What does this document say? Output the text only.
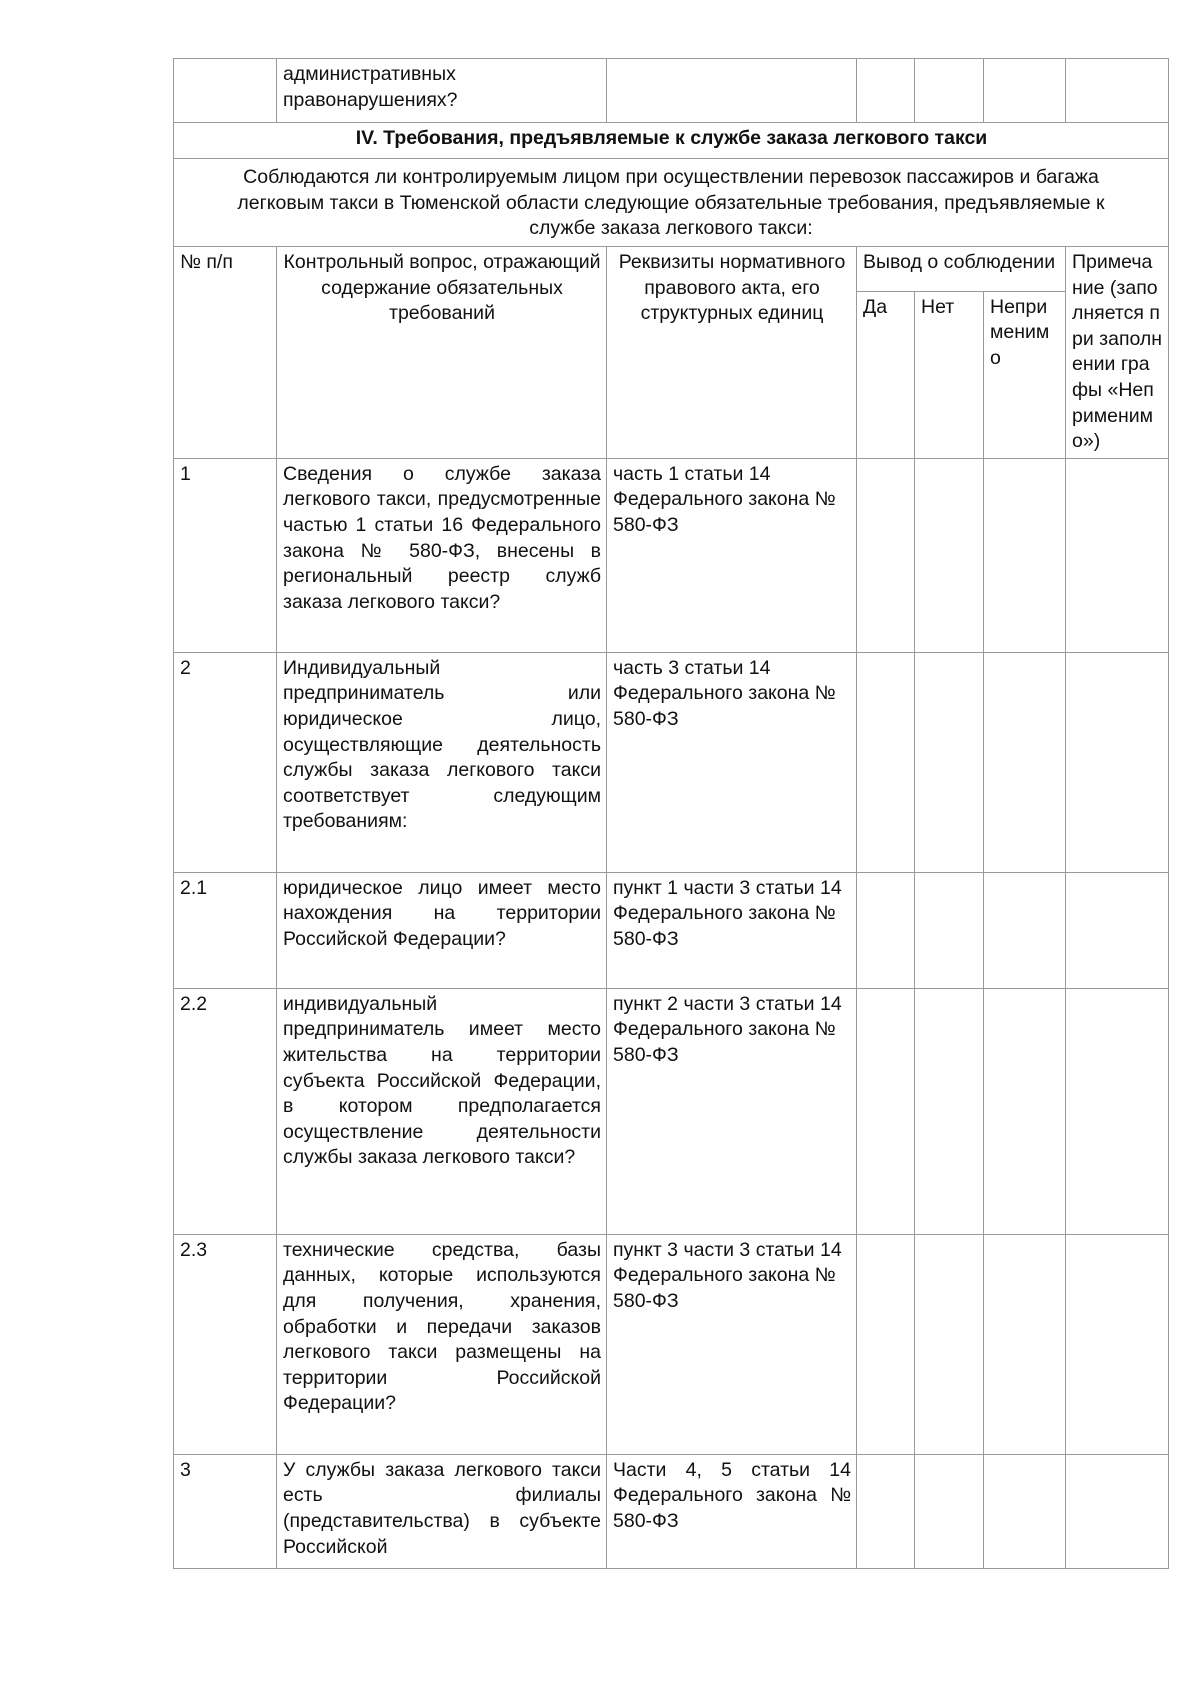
	административных правонарушениях?					
IV. Требования, предъявляемые к службе заказа легкового такси						
Соблюдаются ли контролируемым лицом при осуществлении перевозок пассажиров и багажа легковым такси в Тюменской области следующие обязательные требования, предъявляемые к службе заказа легкового такси:						
№ п/п	Контрольный вопрос, отражающий содержание обязательных требований	Реквизиты нормативного правового акта, его структурных единиц	Вывод о соблюдении			Примечание (заполняется при заполнении графы «Неприменимо»)
			Да	Нет	Неприменимо	
1	Сведения о службе заказа легкового такси, предусмотренные частью 1 статьи 16 Федерального закона № 580-ФЗ, внесены в региональный реестр служб заказа легкового такси?	часть 1 статьи 14 Федерального закона № 580-ФЗ				
2	Индивидуальный предприниматель или юридическое лицо, осуществляющие деятельность службы заказа легкового такси соответствует следующим требованиям:	часть 3 статьи 14 Федерального закона № 580-ФЗ				
2.1	юридическое лицо имеет место нахождения на территории Российской Федерации?	пункт 1 части 3 статьи 14 Федерального закона № 580-ФЗ				
2.2	индивидуальный предприниматель имеет место жительства на территории субъекта Российской Федерации, в котором предполагается осуществление деятельности службы заказа легкового такси?	пункт 2 части 3 статьи 14 Федерального закона № 580-ФЗ				
2.3	технические средства, базы данных, которые используются для получения, хранения, обработки и передачи заказов легкового такси размещены на территории Российской Федерации?	пункт 3 части 3 статьи 14 Федерального закона № 580-ФЗ				
3	У службы заказа легкового такси есть филиалы (представительства) в субъекте Российской	Части 4, 5 статьи 14 Федерального закона № 580-ФЗ				
